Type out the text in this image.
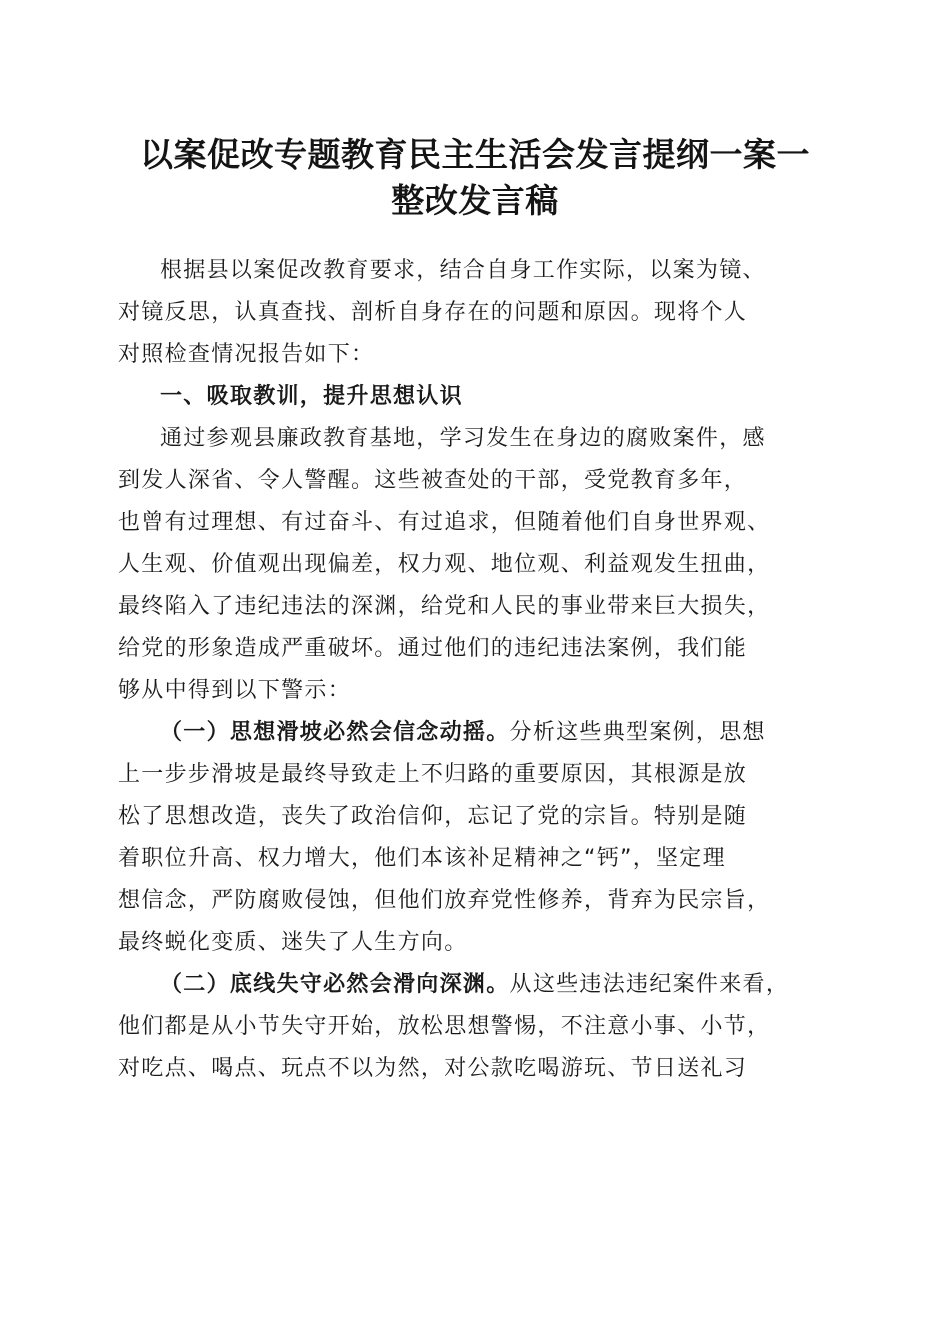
以案促改专题教育民主生活会发言提纲一案一
整改发言稿
根据县以案促改教育要求，结合自身工作实际，以案为镜、
对镜反思，认真查找、剖析自身存在的问题和原因。现将个人
对照检查情况报告如下：
一、吸取教训，提升思想认识
通过参观县廉政教育基地，学习发生在身边的腐败案件，感
到发人深省、令人警醒。这些被查处的干部，受党教育多年，
也曾有过理想、有过奋斗、有过追求，但随着他们自身世界观、
人生观、价值观出现偏差，权力观、地位观、利益观发生扭曲，
最终陷入了违纪违法的深渊，给党和人民的事业带来巨大损失，
给党的形象造成严重破坏。通过他们的违纪违法案例，我们能
够从中得到以下警示：
（一）思想滑坡必然会信念动摇。分析这些典型案例，思想
上一步步滑坡是最终导致走上不归路的重要原因，其根源是放
松了思想改造，丧失了政治信仰，忘记了党的宗旨。特别是随
着职位升高、权力增大，他们本该补足精神之“钙”，坚定理
想信念，严防腐败侵蚀，但他们放弃党性修养，背弃为民宗旨，
最终蜕化变质、迷失了人生方向。
（二）底线失守必然会滑向深渊。从这些违法违纪案件来看，
他们都是从小节失守开始，放松思想警惕，不注意小事、小节，
对吃点、喝点、玩点不以为然，对公款吃喝游玩、节日送礼习
